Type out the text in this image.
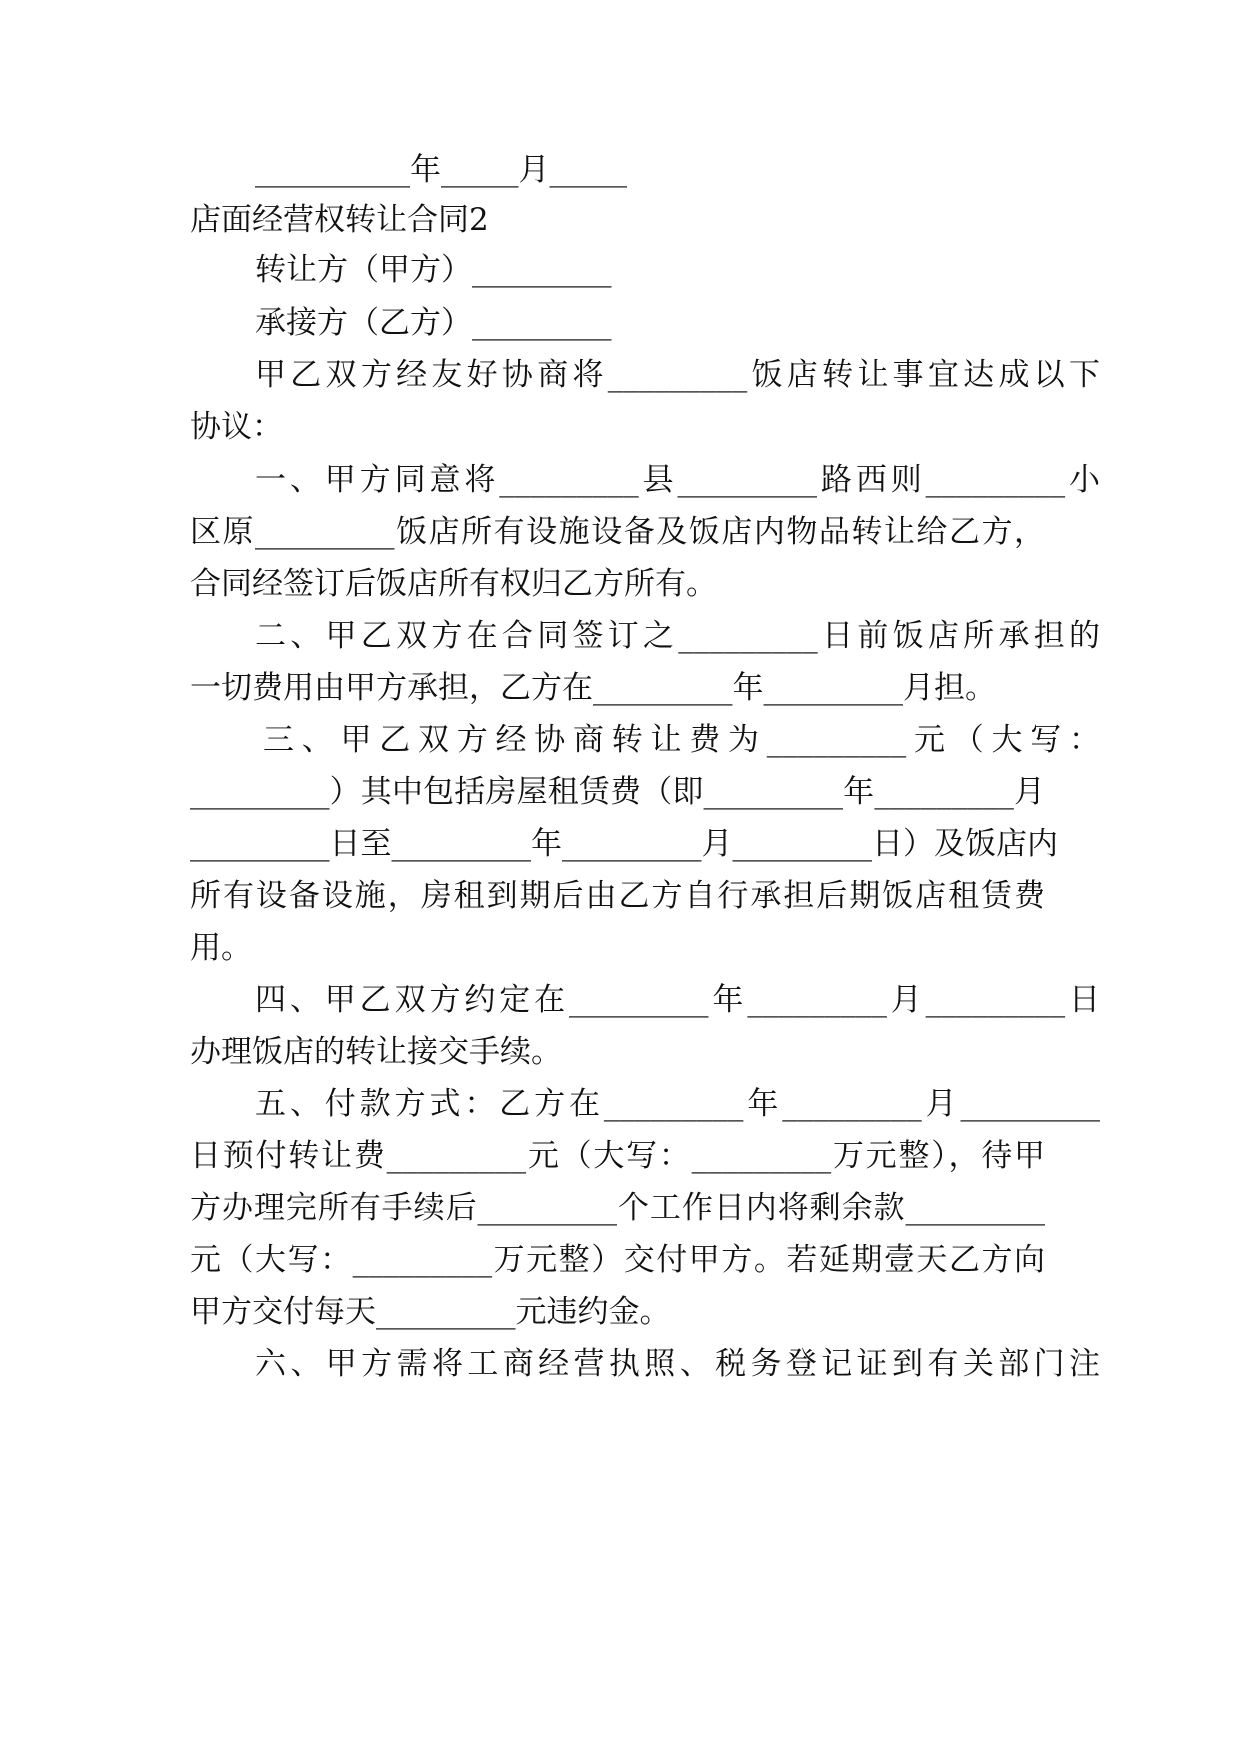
__________年_____月_____

店面经营权转让合同2

转让方（甲方）_________

承接方（乙方）_________

甲乙双方经友好协商将_________饭店转让事宜达成以下

协议：

一、甲方同意将_________县_________路西则_________小

区原_________饭店所有设施设备及饭店内物品转让给乙方，

合同经签订后饭店所有权归乙方所有。

二、甲乙双方在合同签订之_________日前饭店所承担的

一切费用由甲方承担，乙方在_________年_________月担。

三、甲乙双方经协商转让费为_________元（大写：

_________）其中包括房屋租赁费（即_________年_________月

_________日至_________年_________月_________日）及饭店内

所有设备设施，房租到期后由乙方自行承担后期饭店租赁费

用。

四、甲乙双方约定在_________年_________月_________日

办理饭店的转让接交手续。

五、付款方式：乙方在_________年_________月_________

日预付转让费_________元（大写：_________万元整），待甲

方办理完所有手续后_________个工作日内将剩余款_________

元（大写：_________万元整）交付甲方。若延期壹天乙方向

甲方交付每天_________元违约金。

六、甲方需将工商经营执照、税务登记证到有关部门注
